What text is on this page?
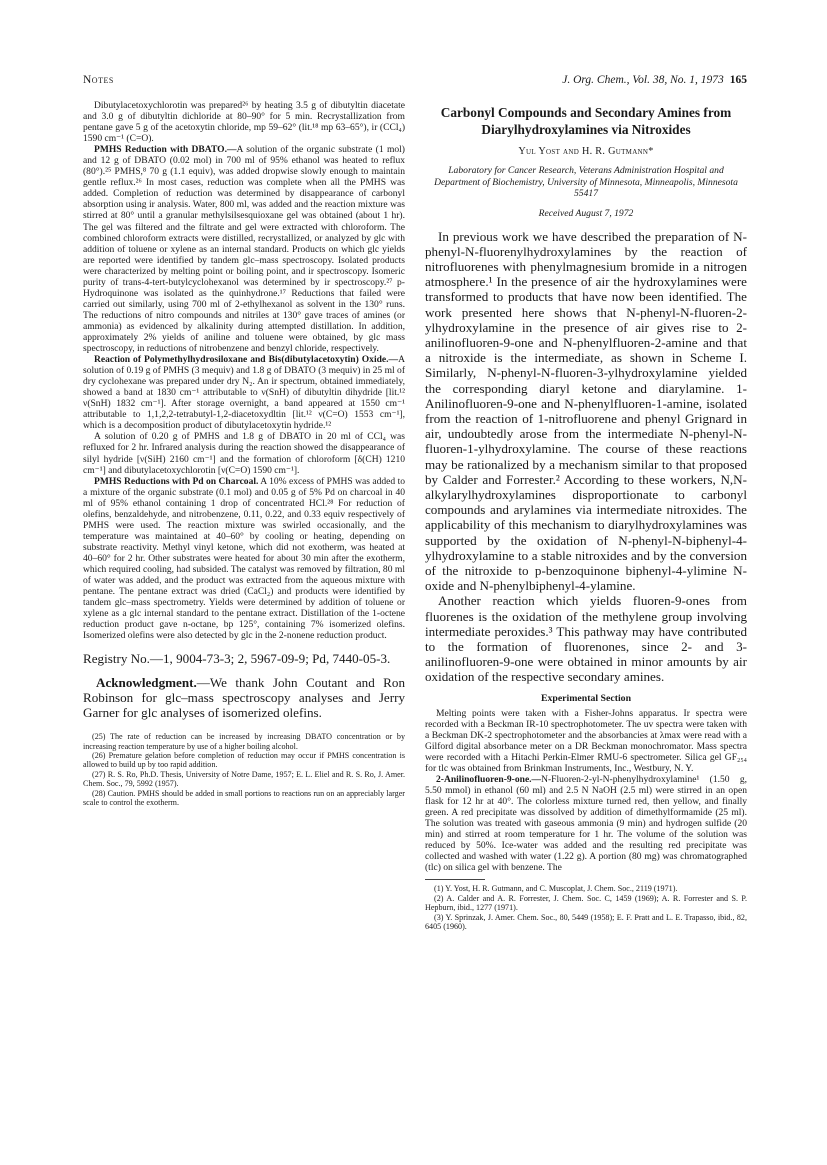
Notes	J. Org. Chem., Vol. 38, No. 1, 1973 165

Dibutylacetoxychlorotin was prepared²⁶ by heating 3.5 g of dibutyltin diacetate and 3.0 g of dibutyltin dichloride at 80–90° for 5 min. Recrystallization from pentane gave 5 g of the acetoxytin chloride, mp 59–62° (lit.¹⁸ mp 63–65°), ir (CCl₄) 1590 cm⁻¹ (C=O).

PMHS Reduction with DBATO.—A solution of the organic substrate (1 mol) and 12 g of DBATO (0.02 mol) in 700 ml of 95% ethanol was heated to reflux (80°).²⁵ PMHS,⁸ 70 g (1.1 equiv), was added dropwise slowly enough to maintain gentle reflux.²⁶ In most cases, reduction was complete when all the PMHS was added. Completion of reduction was determined by disappearance of carbonyl absorption using ir analysis. Water, 800 ml, was added and the reaction mixture was stirred at 80° until a granular methylsilsesquioxane gel was obtained (about 1 hr). The gel was filtered and the filtrate and gel were extracted with chloroform. The combined chloroform extracts were distilled, recrystallized, or analyzed by glc with addition of toluene or xylene as an internal standard. Products on which glc yields are reported were identified by tandem glc–mass spectroscopy. Isolated products were characterized by melting point or boiling point, and ir spectroscopy. Isomeric purity of trans-4-tert-butylcyclohexanol was determined by ir spectroscopy.²⁷ p-Hydroquinone was isolated as the quinhydrone.¹⁷ Reductions that failed were carried out similarly, using 700 ml of 2-ethylhexanol as solvent in the 130° runs. The reductions of nitro compounds and nitriles at 130° gave traces of amines (or ammonia) as evidenced by alkalinity during attempted distillation. In addition, approximately 2% yields of aniline and toluene were obtained, by glc mass spectroscopy, in reductions of nitrobenzene and benzyl chloride, respectively.

Reaction of Polymethylhydrosiloxane and Bis(dibutylacetoxytin) Oxide.—A solution of 0.19 g of PMHS (3 mequiv) and 1.8 g of DBATO (3 mequiv) in 25 ml of dry cyclohexane was prepared under dry N₂. An ir spectrum, obtained immediately, showed a band at 1830 cm⁻¹ attributable to ν(SnH) of dibutyltin dihydride [lit.¹² ν(SnH) 1832 cm⁻¹]. After storage overnight, a band appeared at 1550 cm⁻¹ attributable to 1,1,2,2-tetrabutyl-1,2-diacetoxydltin [lit.¹² ν(C=O) 1553 cm⁻¹], which is a decomposition product of dibutylacetoxytin hydride.¹²

A solution of 0.20 g of PMHS and 1.8 g of DBATO in 20 ml of CCl₄ was refluxed for 2 hr. Infrared analysis during the reaction showed the disappearance of silyl hydride [ν(SiH) 2160 cm⁻¹] and the formation of chloroform [δ(CH) 1210 cm⁻¹] and dibutylacetoxychlorotin [ν(C=O) 1590 cm⁻¹].

PMHS Reductions with Pd on Charcoal. A 10% excess of PMHS was added to a mixture of the organic substrate (0.1 mol) and 0.05 g of 5% Pd on charcoal in 40 ml of 95% ethanol containing 1 drop of concentrated HCl.²⁸ For reduction of olefins, benzaldehyde, and nitrobenzene, 0.11, 0.22, and 0.33 equiv respectively of PMHS were used. The reaction mixture was swirled occasionally, and the temperature was maintained at 40–60° by cooling or heating, depending on substrate reactivity. Methyl vinyl ketone, which did not exotherm, was heated at 40–60° for 2 hr. Other substrates were heated for about 30 min after the exotherm, which required cooling, had subsided. The catalyst was removed by filtration, 80 ml of water was added, and the product was extracted from the aqueous mixture with pentane. The pentane extract was dried (CaCl₂) and products were identified by tandem glc–mass spectrometry. Yields were determined by addition of toluene or xylene as a glc internal standard to the pentane extract. Distillation of the 1-octene reduction product gave n-octane, bp 125°, containing 7% isomerized olefins. Isomerized olefins were also detected by glc in the 2-nonene reduction product.

Registry No.—1, 9004-73-3; 2, 5967-09-9; Pd, 7440-05-3.

Acknowledgment.—We thank John Coutant and Ron Robinson for glc–mass spectroscopy analyses and Jerry Garner for glc analyses of isomerized olefins.

(25) The rate of reduction can be increased by increasing DBATO concentration or by increasing reaction temperature by use of a higher boiling alcohol.

(26) Premature gelation before completion of reduction may occur if PMHS concentration is allowed to build up by too rapid addition.

(27) R. S. Ro, Ph.D. Thesis, University of Notre Dame, 1957; E. L. Eliel and R. S. Ro, J. Amer. Chem. Soc., 79, 5992 (1957).

(28) Caution. PMHS should be added in small portions to reactions run on an appreciably larger scale to control the exotherm.

Carbonyl Compounds and Secondary Amines from Diarylhydroxylamines via Nitroxides
Yul Yost and H. R. Gutmann*
Laboratory for Cancer Research, Veterans Administration Hospital and Department of Biochemistry, University of Minnesota, Minneapolis, Minnesota 55417
Received August 7, 1972

In previous work we have described the preparation of N-phenyl-N-fluorenylhydroxylamines by the reaction of nitrofluorenes with phenylmagnesium bromide in a nitrogen atmosphere.¹ In the presence of air the hydroxylamines were transformed to products that have now been identified. The work presented here shows that N-phenyl-N-fluoren-2-ylhydroxylamine in the presence of air gives rise to 2-anilinofluoren-9-one and N-phenylfluoren-2-amine and that a nitroxide is the intermediate, as shown in Scheme I. Similarly, N-phenyl-N-fluoren-3-ylhydroxylamine yielded the corresponding diaryl ketone and diarylamine. 1-Anilinofluoren-9-one and N-phenylfluoren-1-amine, isolated from the reaction of 1-nitrofluorene and phenyl Grignard in air, undoubtedly arose from the intermediate N-phenyl-N-fluoren-1-ylhydroxylamine. The course of these reactions may be rationalized by a mechanism similar to that proposed by Calder and Forrester.² According to these workers, N,N-alkylarylhydroxylamines disproportionate to carbonyl compounds and arylamines via intermediate nitroxides. The applicability of this mechanism to diarylhydroxylamines was supported by the oxidation of N-phenyl-N-biphenyl-4-ylhydroxylamine to a stable nitroxides and by the conversion of the nitroxide to p-benzoquinone biphenyl-4-ylimine N-oxide and N-phenylbiphenyl-4-ylamine.

Another reaction which yields fluoren-9-ones from fluorenes is the oxidation of the methylene group involving intermediate peroxides.³ This pathway may have contributed to the formation of fluorenones, since 2- and 3-anilinofluoren-9-one were obtained in minor amounts by air oxidation of the respective secondary amines.

Experimental Section

Melting points were taken with a Fisher-Johns apparatus. Ir spectra were recorded with a Beckman IR-10 spectrophotometer. The uv spectra were taken with a Beckman DK-2 spectrophotometer and the absorbancies at λmax were read with a Gilford digital absorbance meter on a DR Beckman monochromator. Mass spectra were recorded with a Hitachi Perkin-Elmer RMU-6 spectrometer. Silica gel GF₂₅₄ for tlc was obtained from Brinkman Instruments, Inc., Westbury, N. Y.

2-Anilinofluoren-9-one.—N-Fluoren-2-yl-N-phenylhydroxylamine¹ (1.50 g, 5.50 mmol) in ethanol (60 ml) and 2.5 N NaOH (2.5 ml) were stirred in an open flask for 12 hr at 40°. The colorless mixture turned red, then yellow, and finally green. A red precipitate was dissolved by addition of dimethylformamide (25 ml). The solution was treated with gaseous ammonia (9 min) and hydrogen sulfide (20 min) and stirred at room temperature for 1 hr. The volume of the solution was reduced by 50%. Ice-water was added and the resulting red precipitate was collected and washed with water (1.22 g). A portion (80 mg) was chromatographed (tlc) on silica gel with benzene. The

(1) Y. Yost, H. R. Gutmann, and C. Muscoplat, J. Chem. Soc., 2119 (1971).

(2) A. Calder and A. R. Forrester, J. Chem. Soc. C, 1459 (1969); A. R. Forrester and S. P. Hepburn, ibid., 1277 (1971).

(3) Y. Sprinzak, J. Amer. Chem. Soc., 80, 5449 (1958); E. F. Pratt and L. E. Trapasso, ibid., 82, 6405 (1960).
